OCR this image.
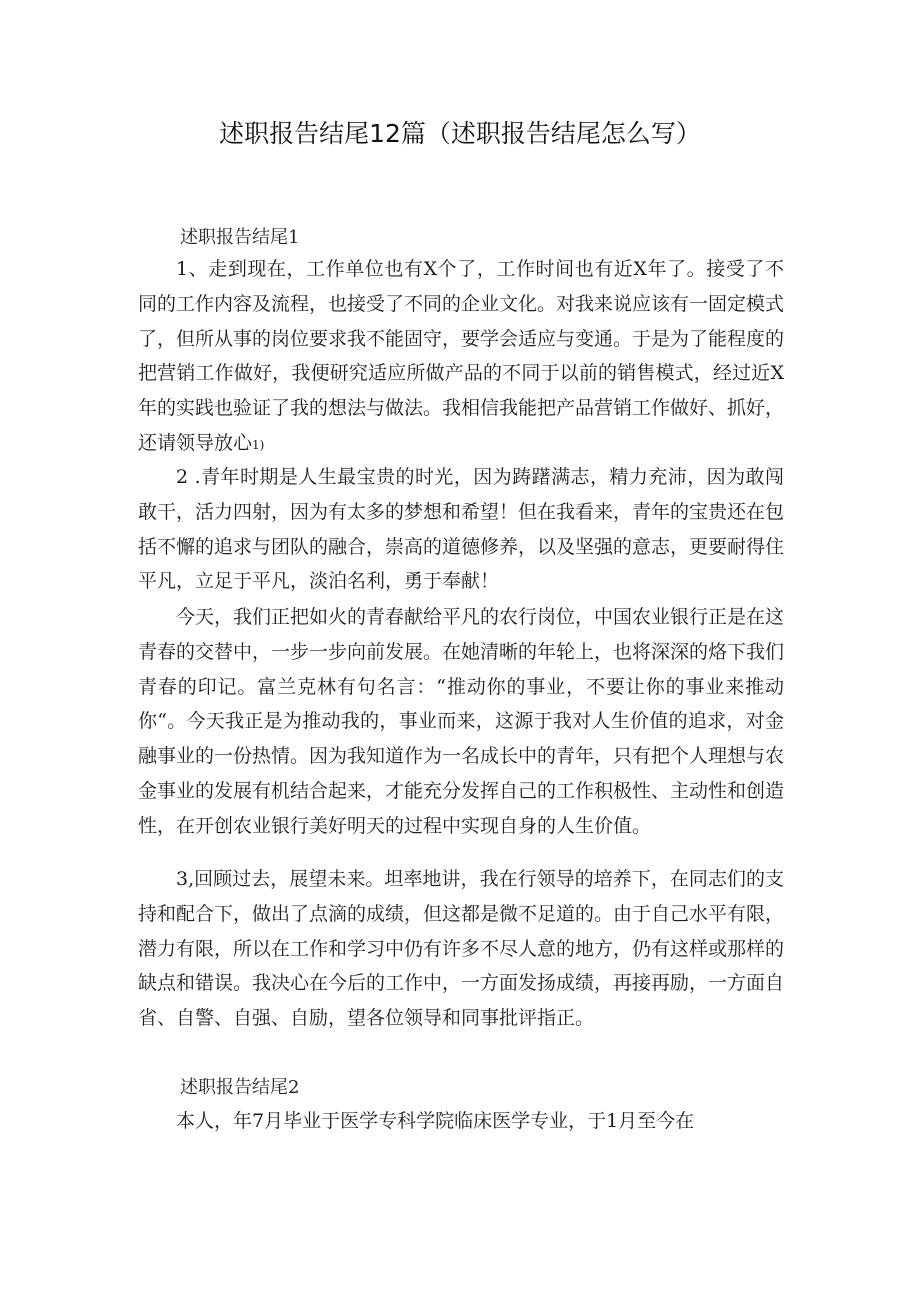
述职报告结尾12篇（述职报告结尾怎么写）
述职报告结尾1

1、走到现在，工作单位也有X个了，工作时间也有近X年了。接受了不同的工作内容及流程，也接受了不同的企业文化。对我来说应该有一固定模式了，但所从事的岗位要求我不能固守，要学会适应与变通。于是为了能程度的把营销工作做好，我便研究适应所做产品的不同于以前的销售模式，经过近X年的实践也验证了我的想法与做法。我相信我能把产品营销工作做好、抓好，还请领导放心1)

2 .青年时期是人生最宝贵的时光，因为踌躇满志，精力充沛，因为敢闯敢干，活力四射，因为有太多的梦想和希望！但在我看来，青年的宝贵还在包括不懈的追求与团队的融合，崇高的道德修养，以及坚强的意志，更要耐得住平凡，立足于平凡，淡泊名利，勇于奉献！

今天，我们正把如火的青春献给平凡的农行岗位，中国农业银行正是在这青春的交替中，一步一步向前发展。在她清晰的年轮上，也将深深的烙下我们青春的印记。富兰克林有句名言：“推动你的事业，不要让你的事业来推动你“。今天我正是为推动我的，事业而来，这源于我对人生价值的追求，对金融事业的一份热情。因为我知道作为一名成长中的青年，只有把个人理想与农金事业的发展有机结合起来，才能充分发挥自己的工作积极性、主动性和创造性，在开创农业银行美好明天的过程中实现自身的人生价值。

3,回顾过去，展望未来。坦率地讲，我在行领导的培养下，在同志们的支持和配合下，做出了点滴的成绩，但这都是微不足道的。由于自己水平有限，潜力有限，所以在工作和学习中仍有许多不尽人意的地方，仍有这样或那样的缺点和错误。我决心在今后的工作中，一方面发扬成绩，再接再励，一方面自省、自警、自强、自励，望各位领导和同事批评指正。

述职报告结尾2

本人，年7月毕业于医学专科学院临床医学专业，于1月至今在
